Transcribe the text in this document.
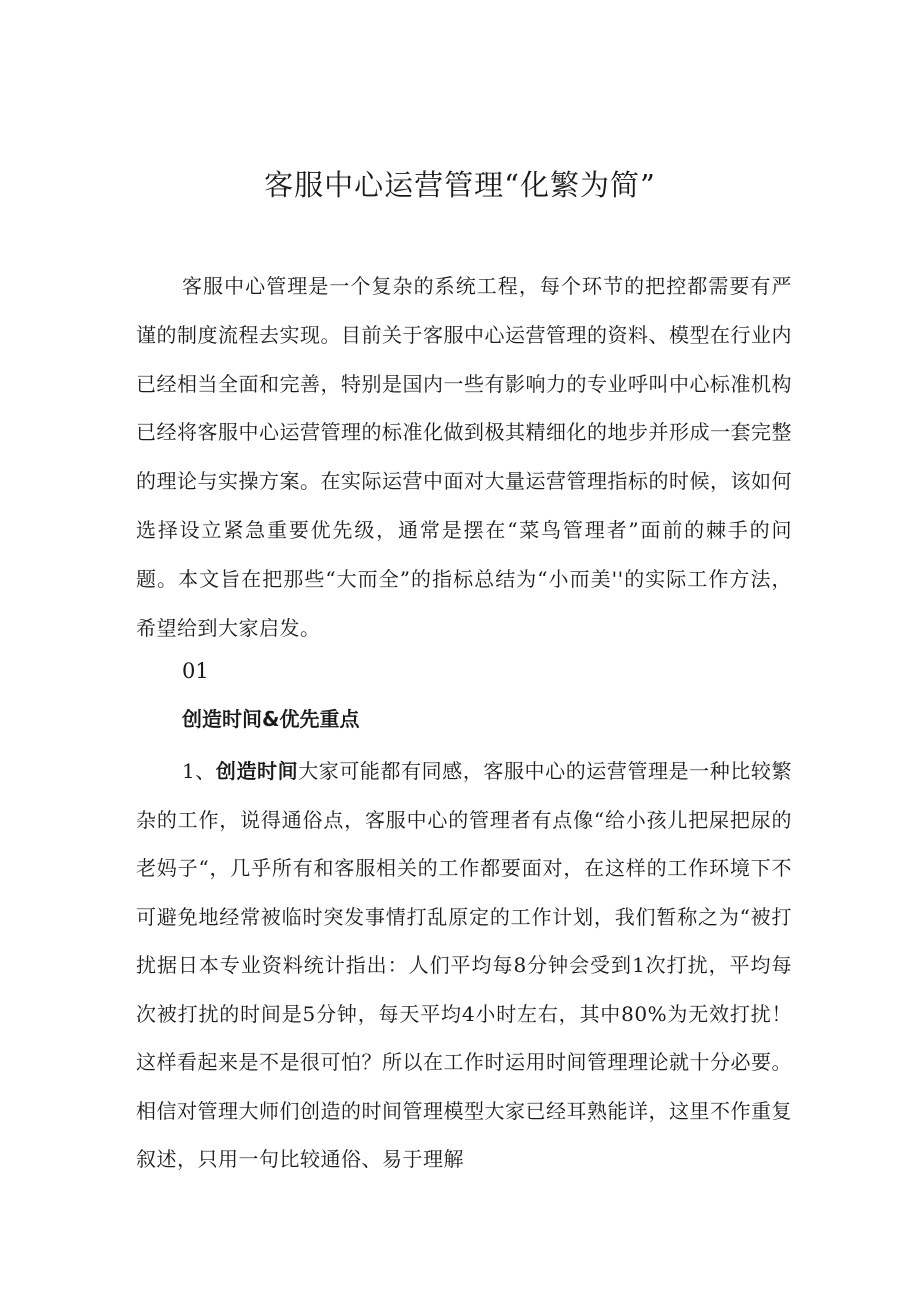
客服中心运营管理“化繁为简”

客服中心管理是一个复杂的系统工程，每个环节的把控都需要有严谨的制度流程去实现。目前关于客服中心运营管理的资料、模型在行业内已经相当全面和完善，特别是国内一些有影响力的专业呼叫中心标准机构已经将客服中心运营管理的标准化做到极其精细化的地步并形成一套完整的理论与实操方案。在实际运营中面对大量运营管理指标的时候，该如何选择设立紧急重要优先级，通常是摆在“菜鸟管理者”面前的棘手的问题。本文旨在把那些“大而全”的指标总结为“小而美''的实际工作方法，希望给到大家启发。

01

创造时间&优先重点

1、创造时间大家可能都有同感，客服中心的运营管理是一种比较繁杂的工作，说得通俗点，客服中心的管理者有点像“给小孩儿把屎把尿的老妈子“，几乎所有和客服相关的工作都要面对，在这样的工作环境下不可避免地经常被临时突发事情打乱原定的工作计划，我们暂称之为“被打扰据日本专业资料统计指出：人们平均每8分钟会受到1次打扰，平均每次被打扰的时间是5分钟，每天平均4小时左右，其中80%为无效打扰！这样看起来是不是很可怕？所以在工作时运用时间管理理论就十分必要。相信对管理大师们创造的时间管理模型大家已经耳熟能详，这里不作重复叙述，只用一句比较通俗、易于理解
